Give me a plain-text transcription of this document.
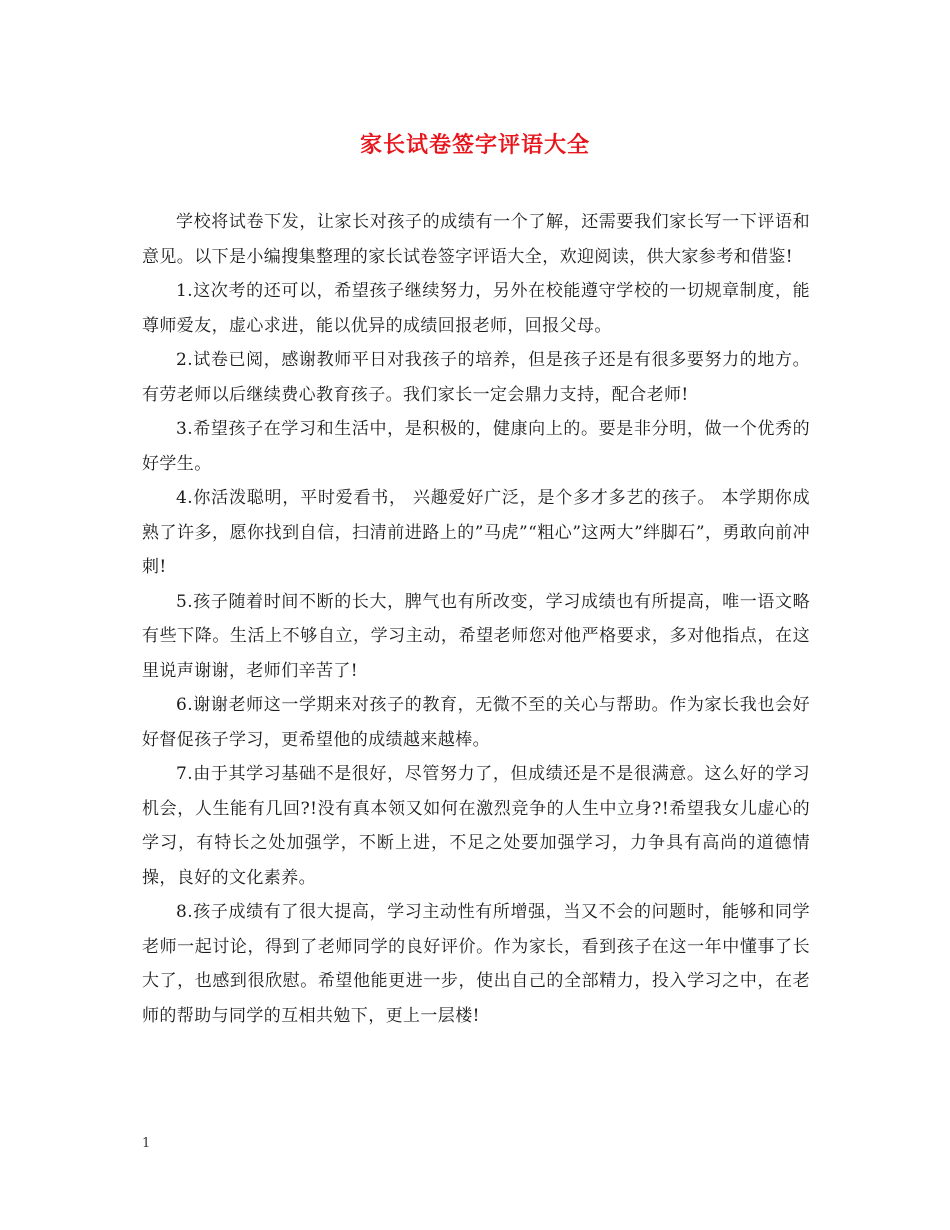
家长试卷签字评语大全

学校将试卷下发，让家长对孩子的成绩有一个了解，还需要我们家长写一下评语和意见。以下是小编搜集整理的家长试卷签字评语大全，欢迎阅读，供大家参考和借鉴!

1.这次考的还可以，希望孩子继续努力，另外在校能遵守学校的一切规章制度，能尊师爱友，虚心求进，能以优异的成绩回报老师，回报父母。

2.试卷已阅，感谢教师平日对我孩子的培养，但是孩子还是有很多要努力的地方。有劳老师以后继续费心教育孩子。我们家长一定会鼎力支持，配合老师!

3.希望孩子在学习和生活中，是积极的，健康向上的。要是非分明，做一个优秀的好学生。

4.你活泼聪明，平时爱看书， 兴趣爱好广泛，是个多才多艺的孩子。 本学期你成熟了许多，愿你找到自信，扫清前进路上的”马虎”“粗心”这两大”绊脚石”，勇敢向前冲刺!

5.孩子随着时间不断的长大，脾气也有所改变，学习成绩也有所提高，唯一语文略有些下降。生活上不够自立，学习主动，希望老师您对他严格要求，多对他指点，在这里说声谢谢，老师们辛苦了!

6.谢谢老师这一学期来对孩子的教育，无微不至的关心与帮助。作为家长我也会好好督促孩子学习，更希望他的成绩越来越棒。

7.由于其学习基础不是很好，尽管努力了，但成绩还是不是很满意。这么好的学习机会，人生能有几回?!没有真本领又如何在激烈竞争的人生中立身?!希望我女儿虚心的学习，有特长之处加强学，不断上进，不足之处要加强学习，力争具有高尚的道德情操，良好的文化素养。

8.孩子成绩有了很大提高，学习主动性有所增强，当又不会的问题时，能够和同学老师一起讨论，得到了老师同学的良好评价。作为家长，看到孩子在这一年中懂事了长大了，也感到很欣慰。希望他能更进一步，使出自己的全部精力，投入学习之中，在老师的帮助与同学的互相共勉下，更上一层楼!

1
